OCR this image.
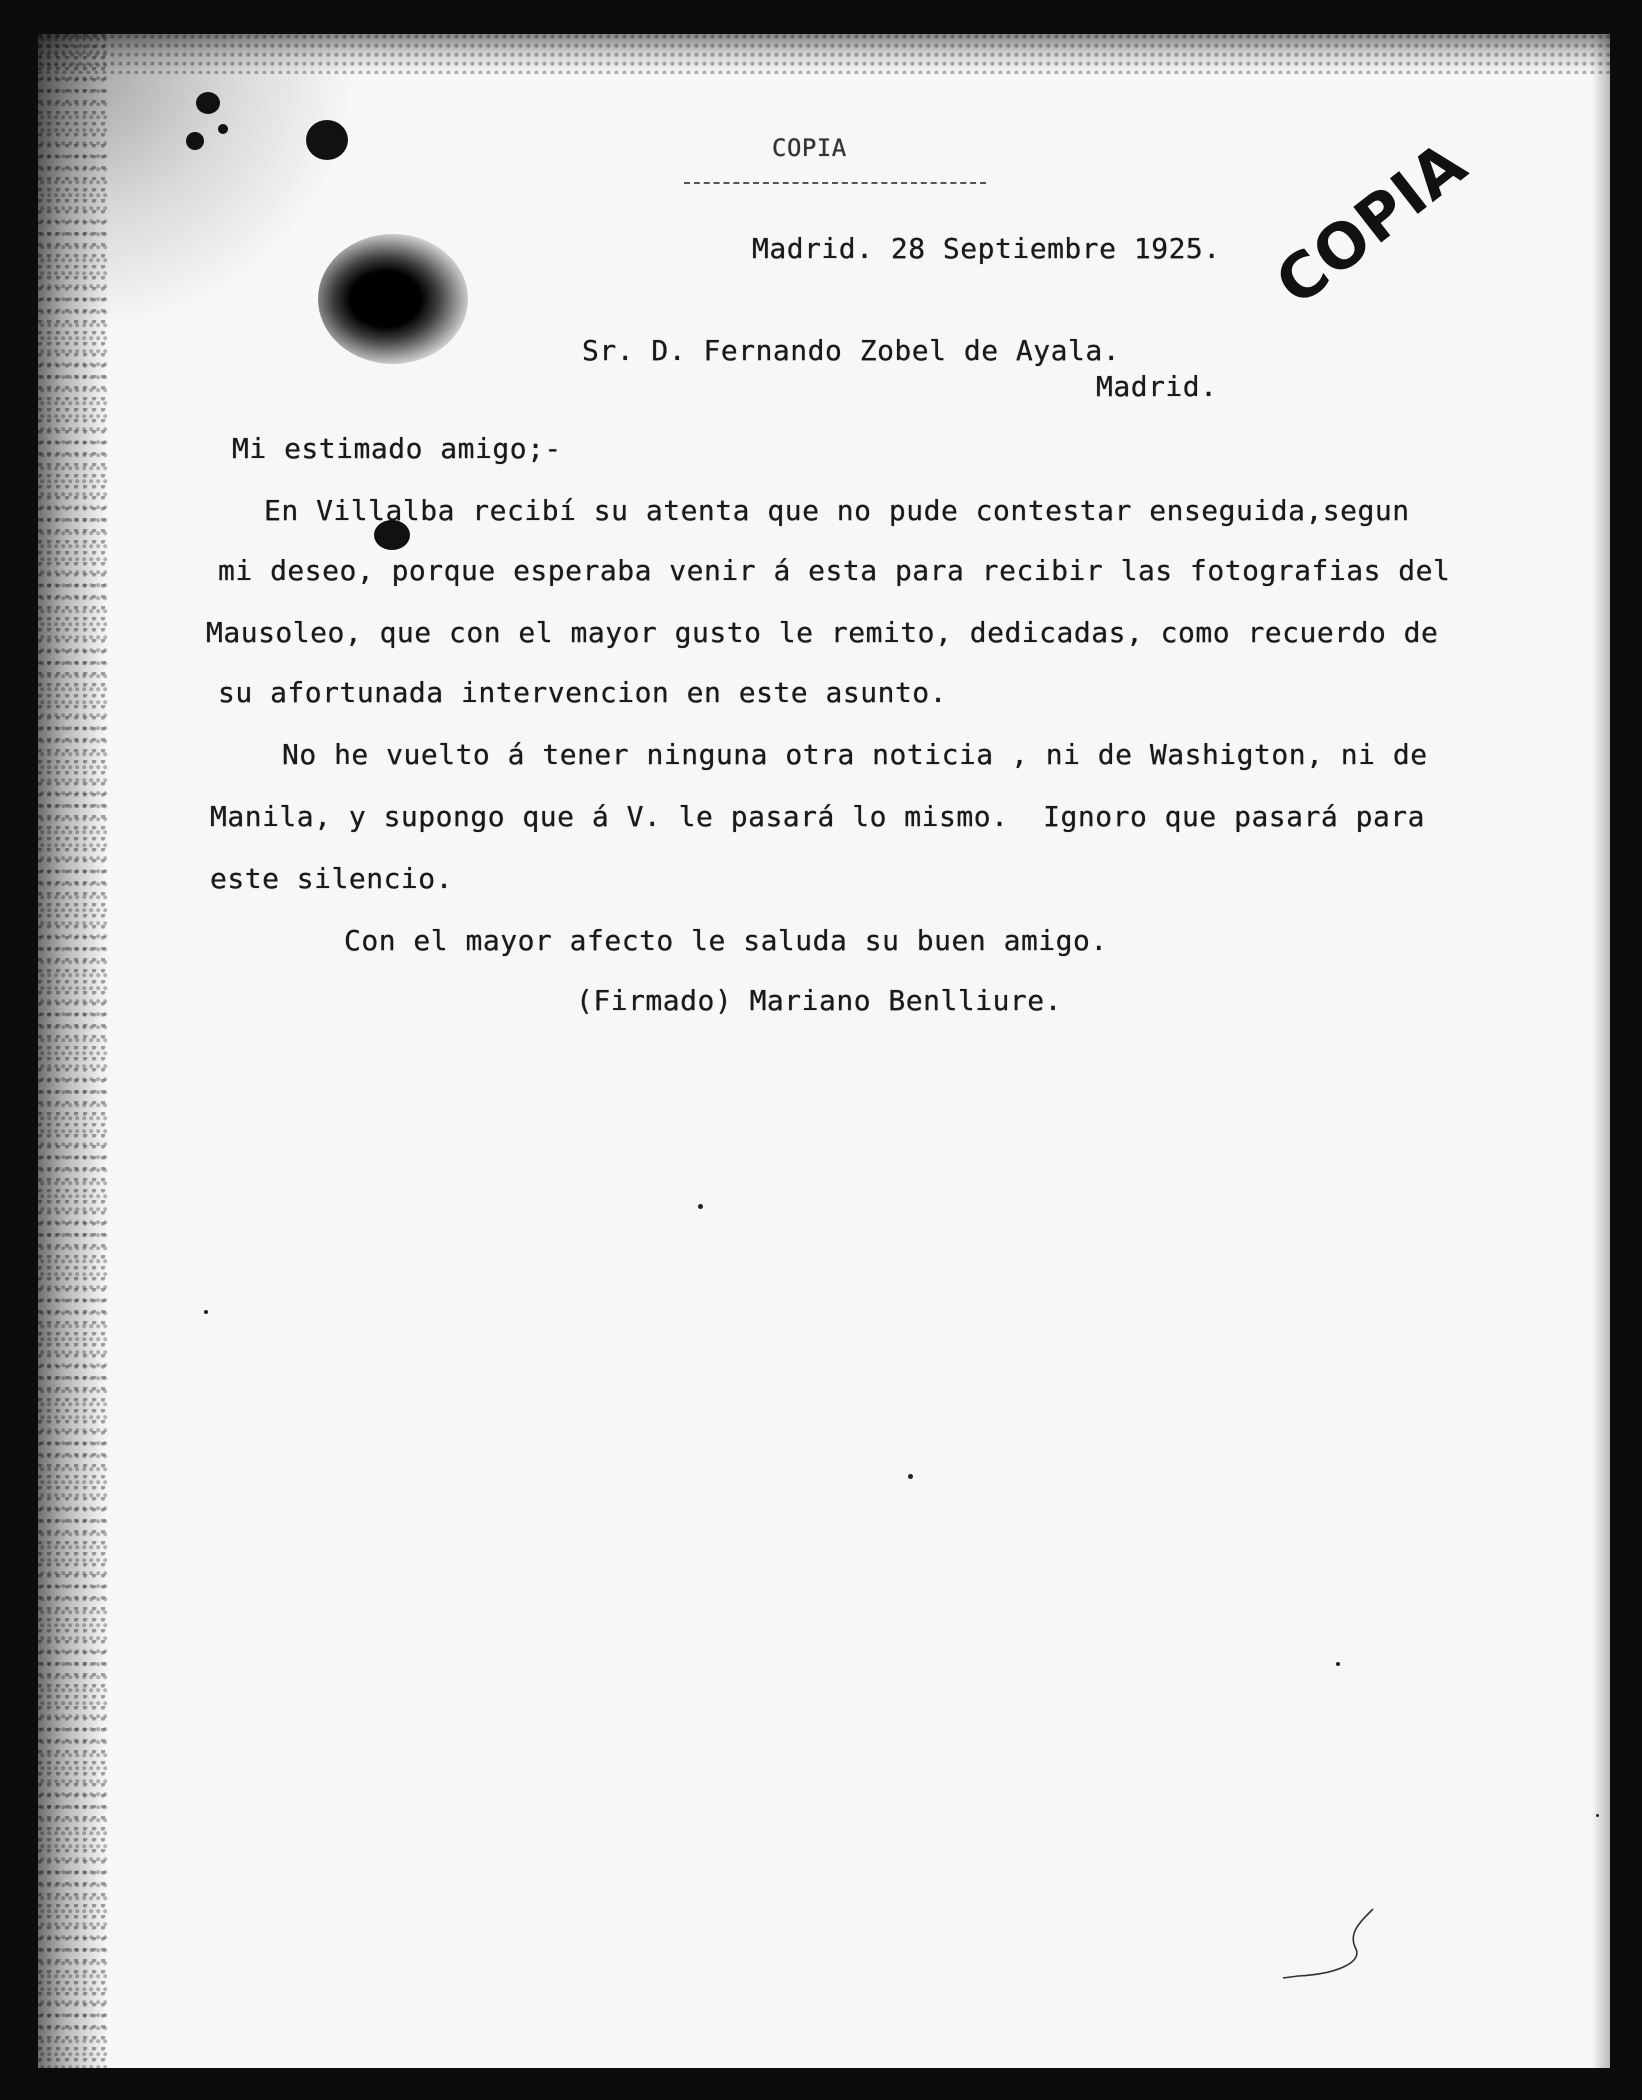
COPIA	COPIA
Madrid. 28 Septiembre 1925.
Sr. D. Fernando Zobel de Ayala.
Madrid.
Mi estimado amigo;-
En Villalba recibí su atenta que no pude contestar enseguida,segun
mi deseo, porque esperaba venir á esta para recibir las fotografias del
Mausoleo, que con el mayor gusto le remito, dedicadas, como recuerdo de
su afortunada intervencion en este asunto.
No he vuelto á tener ninguna otra noticia , ni de Washigton, ni de
Manila, y supongo que á V. le pasará lo mismo.  Ignoro que pasará para
este silencio.
Con el mayor afecto le saluda su buen amigo.
(Firmado) Mariano Benlliure.
